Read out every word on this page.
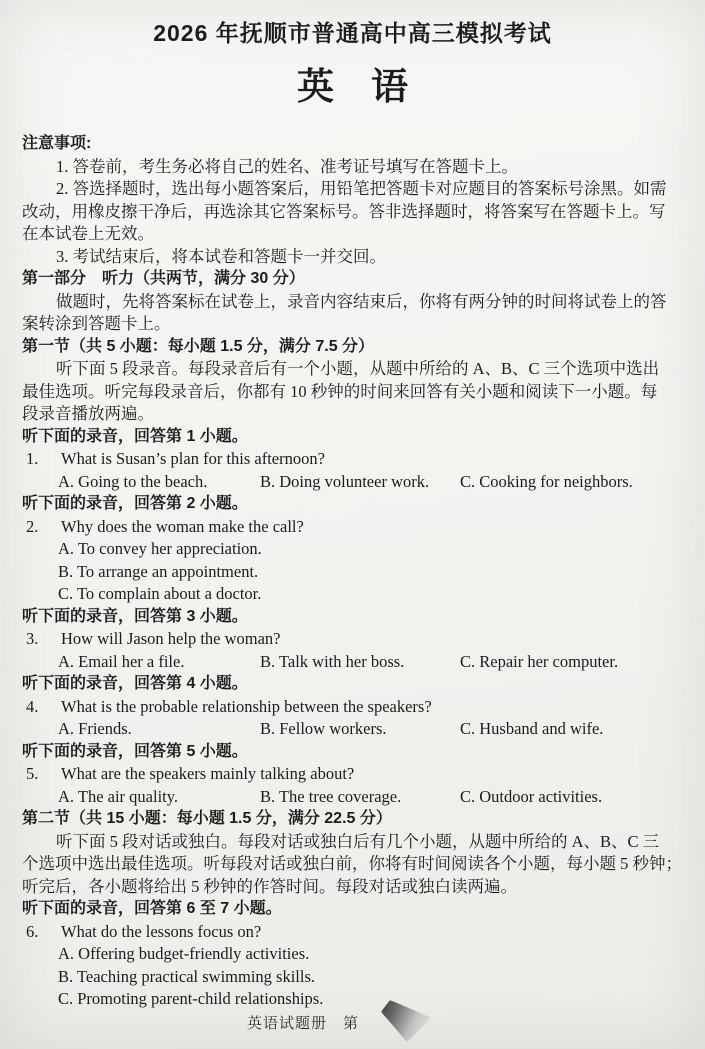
2026 年抚顺市普通高中高三模拟考试
英　语
注意事项:
1. 答卷前，考生务必将自己的姓名、准考证号填写在答题卡上。
2. 答选择题时，选出每小题答案后，用铅笔把答题卡对应题目的答案标号涂黑。如需
改动，用橡皮擦干净后，再选涂其它答案标号。答非选择题时，将答案写在答题卡上。写
在本试卷上无效。
3. 考试结束后，将本试卷和答题卡一并交回。
第一部分　听力（共两节，满分 30 分）
做题时，先将答案标在试卷上，录音内容结束后，你将有两分钟的时间将试卷上的答
案转涂到答题卡上。
第一节（共 5 小题：每小题 1.5 分，满分 7.5 分）
听下面 5 段录音。每段录音后有一个小题，从题中所给的 A、B、C 三个选项中选出
最佳选项。听完每段录音后，你都有 10 秒钟的时间来回答有关小题和阅读下一小题。每
段录音播放两遍。
听下面的录音，回答第 1 小题。
1. What is Susan’s plan for this afternoon?
A. Going to the beach.	B. Doing volunteer work.	C. Cooking for neighbors.
听下面的录音，回答第 2 小题。
2. Why does the woman make the call?
A. To convey her appreciation.
B. To arrange an appointment.
C. To complain about a doctor.
听下面的录音，回答第 3 小题。
3. How will Jason help the woman?
A. Email her a file.	B. Talk with her boss.	C. Repair her computer.
听下面的录音，回答第 4 小题。
4. What is the probable relationship between the speakers?
A. Friends.	B. Fellow workers.	C. Husband and wife.
听下面的录音，回答第 5 小题。
5. What are the speakers mainly talking about?
A. The air quality.	B. The tree coverage.	C. Outdoor activities.
第二节（共 15 小题：每小题 1.5 分，满分 22.5 分）
听下面 5 段对话或独白。每段对话或独白后有几个小题，从题中所给的 A、B、C 三
个选项中选出最佳选项。听每段对话或独白前，你将有时间阅读各个小题，每小题 5 秒钟；
听完后，各小题将给出 5 秒钟的作答时间。每段对话或独白读两遍。
听下面的录音，回答第 6 至 7 小题。
6. What do the lessons focus on?
A. Offering budget-friendly activities.
B. Teaching practical swimming skills.
C. Promoting parent-child relationships.
英语试题册　第
